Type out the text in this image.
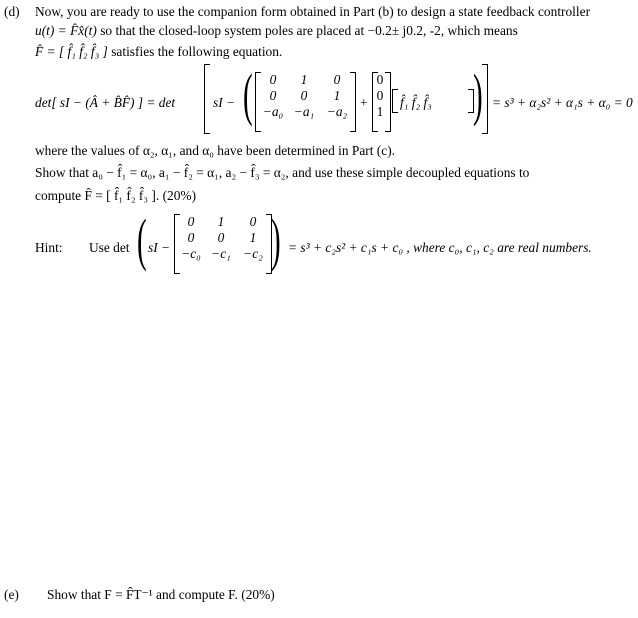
(d) Now, you are ready to use the companion form obtained in Part (b) to design a state feedback controller
u(t) = F̂x̂(t) so that the closed-loop system poles are placed at −0.2± j0.2, -2, which means
F̂ = [ f̂₁ f̂₂ f̂₃ ] satisfies the following equation.
det[ sI − (Â + B̂F̂) ] = det	sI − ( 0	1	0
0	0	1
−a₀	−a₁	−a₂
+
0
0
1
f̂₁ f̂₂ f̂₃ ) = s³ + α₂s² + α₁s + α₀ = 0
where the values of α₂, α₁, and α₀ have been determined in Part (c).
Show that a₀ − f̂₁ = α₀, a₁ − f̂₂ = α₁, a₂ − f̂₃ = α₂, and use these simple decoupled equations to
compute F̂ = [ f̂₁ f̂₂ f̂₃ ]. (20%)
Hint: Use det sI −
(	0	1	0
0	0	1
−c₀	−c₁	−c₂ ) = s³ + c₂s² + c₁s + c₀ , where c₀, c₁, c₂ are real numbers.
(e) Show that F = F̂T⁻¹ and compute F. (20%)
